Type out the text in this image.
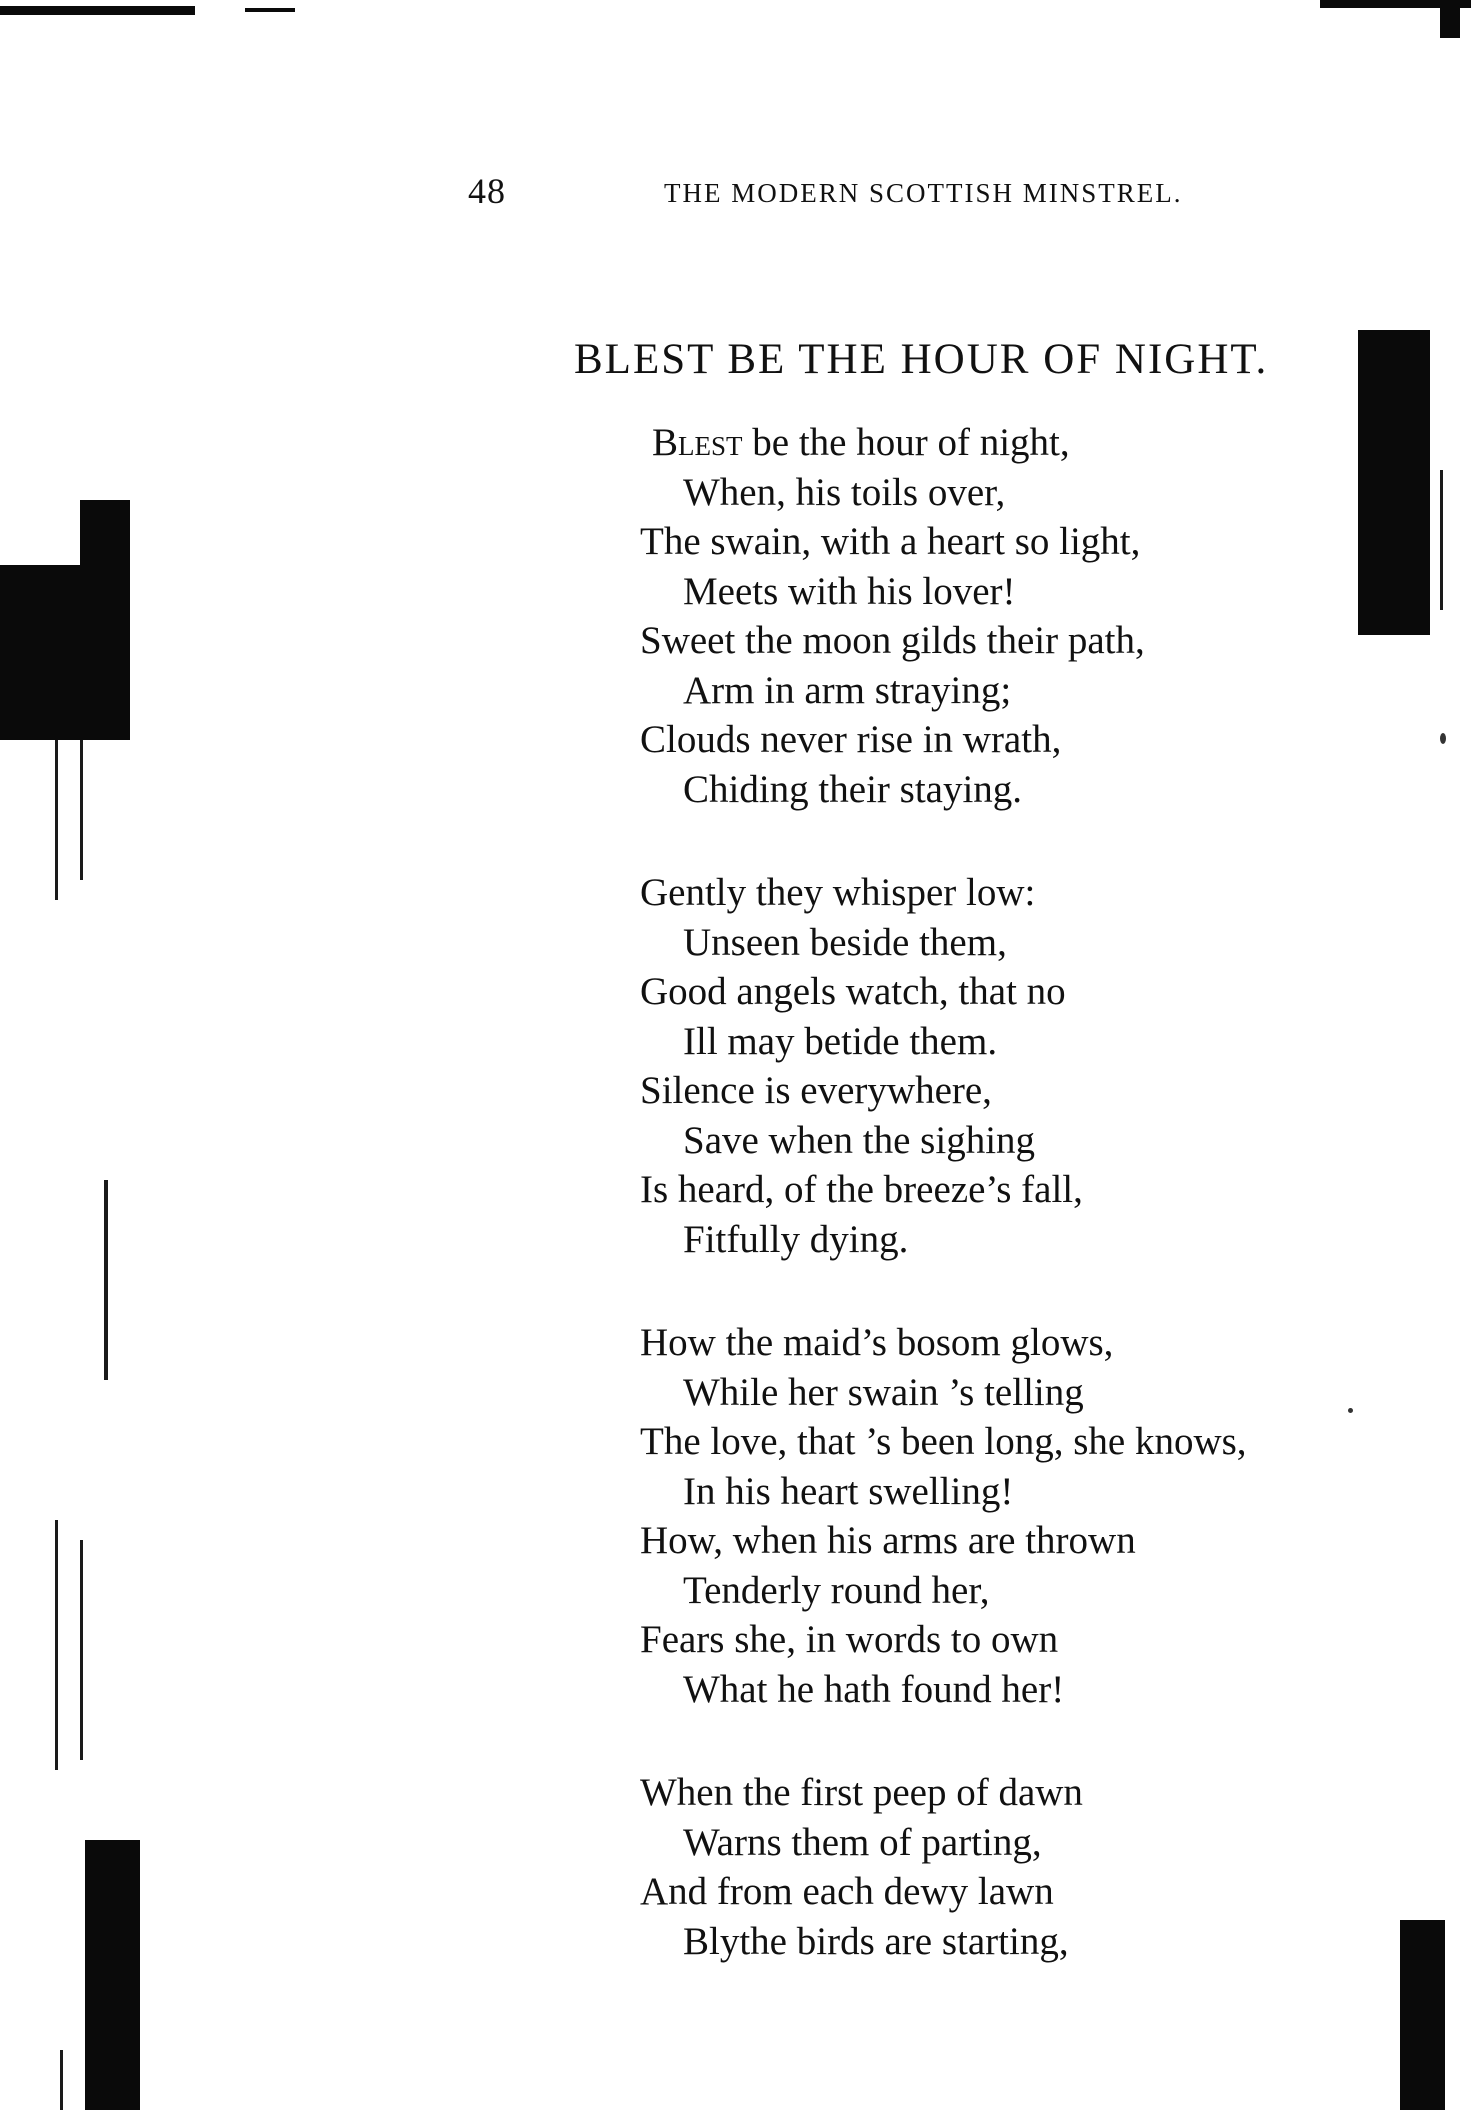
48	THE MODERN SCOTTISH MINSTREL.
BLEST BE THE HOUR OF NIGHT.
Blest be the hour of night,
When, his toils over,
The swain, with a heart so light,
Meets with his lover!
Sweet the moon gilds their path,
Arm in arm straying;
Clouds never rise in wrath,
Chiding their staying.
Gently they whisper low:
Unseen beside them,
Good angels watch, that no
Ill may betide them.
Silence is everywhere,
Save when the sighing
Is heard, of the breeze’s fall,
Fitfully dying.
How the maid’s bosom glows,
While her swain ’s telling
The love, that ’s been long, she knows,
In his heart swelling!
How, when his arms are thrown
Tenderly round her,
Fears she, in words to own
What he hath found her!
When the first peep of dawn
Warns them of parting,
And from each dewy lawn
Blythe birds are starting,
